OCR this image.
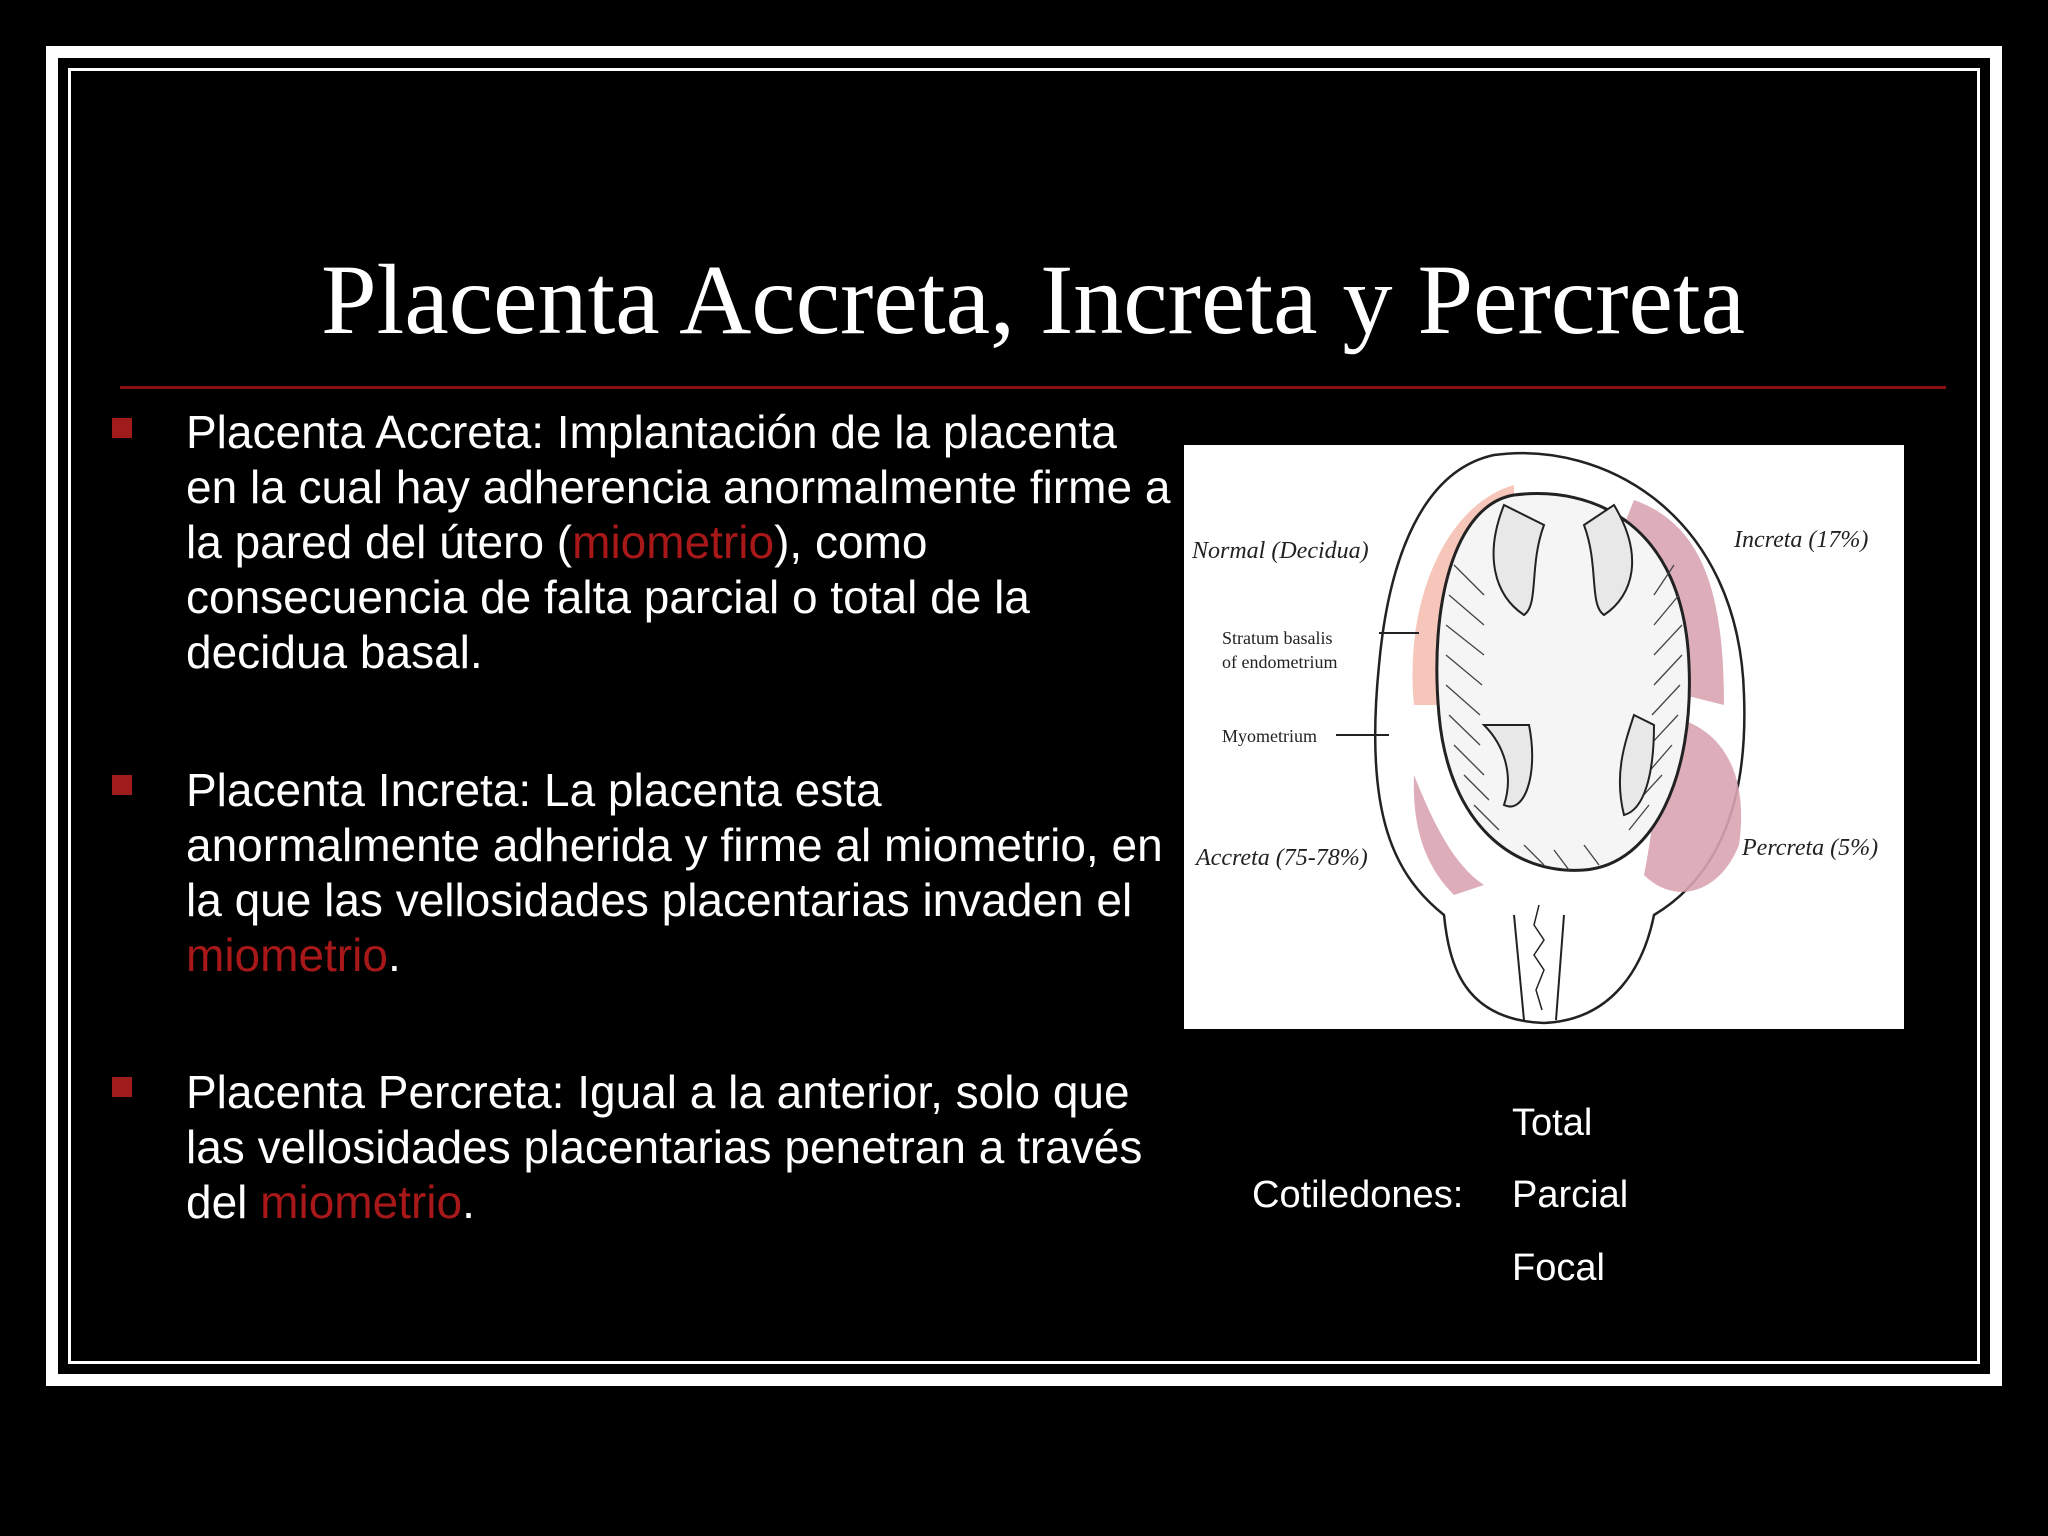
Placenta Accreta, Increta y Percreta

Placenta Accreta: Implantación de la placenta en la cual hay adherencia anormalmente firme a la pared del útero (miometrio), como consecuencia de falta parcial o total de la decidua basal.

Placenta Increta: La placenta esta anormalmente adherida y firme al miometrio, en la que las vellosidades placentarias invaden el miometrio.

Placenta Percreta: Igual a la anterior, solo que las vellosidades placentarias penetran a través del miometrio.

Normal (Decidua)
Stratum basalis
of endometrium
Myometrium
Accreta (75-78%)
Increta (17%)
Percreta (5%)
Cotiledones:
Total
Parcial
Focal
